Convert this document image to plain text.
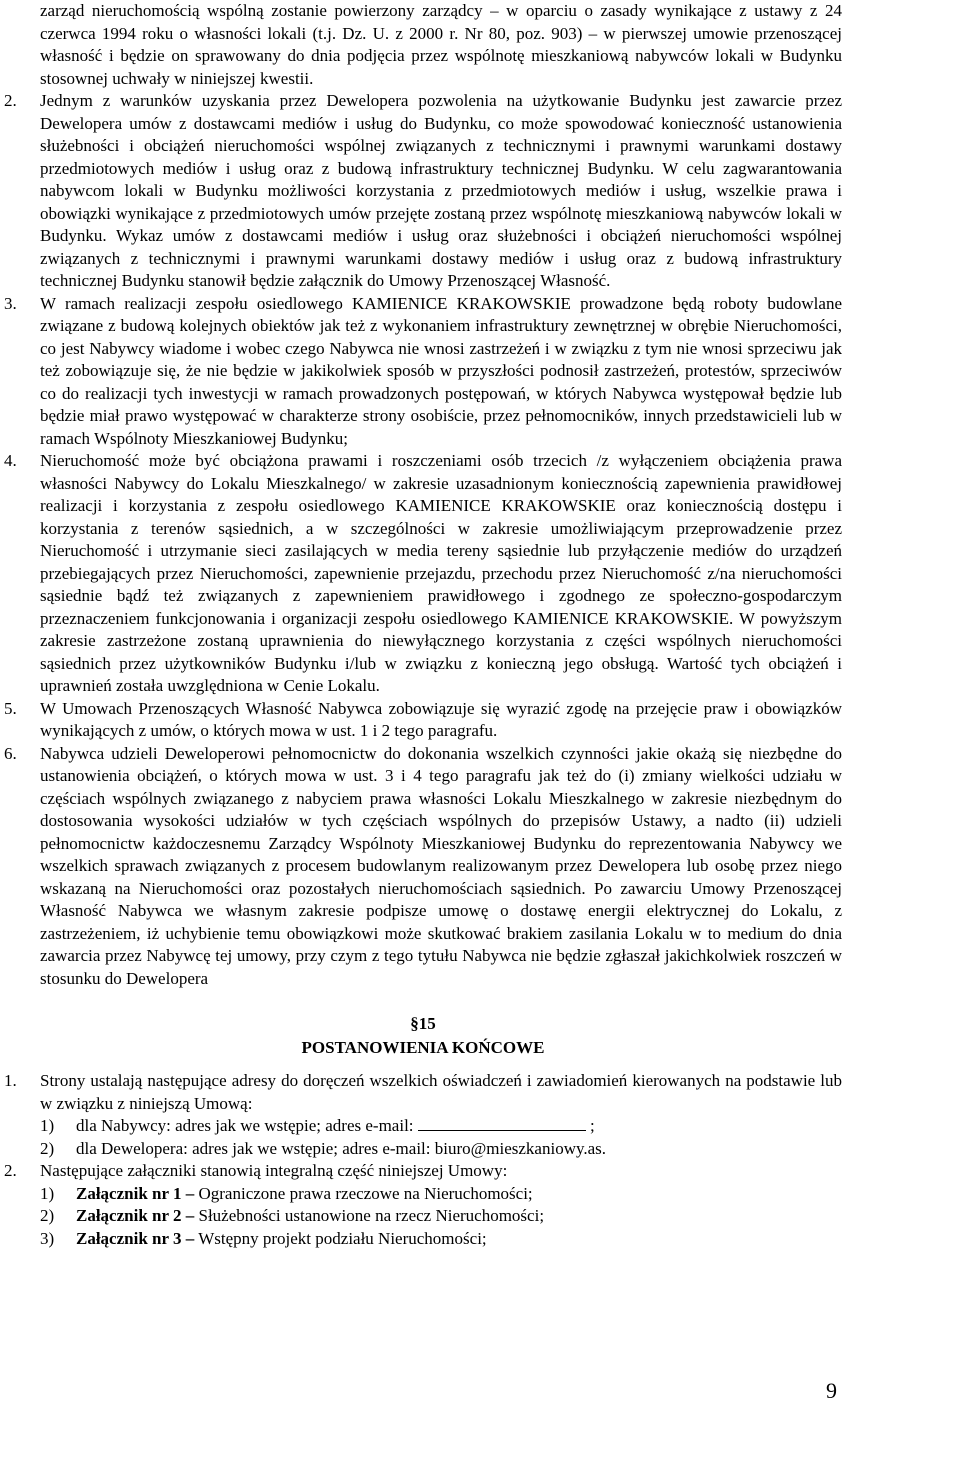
zarząd nieruchomością wspólną zostanie powierzony zarządcy – w oparciu o zasady wynikające z ustawy z 24 czerwca 1994 roku o własności lokali (t.j. Dz. U. z 2000 r. Nr 80, poz. 903) – w pierwszej umowie przenoszącej własność i będzie on sprawowany do dnia podjęcia przez wspólnotę mieszkaniową nabywców lokali w Budynku stosownej uchwały w niniejszej kwestii.

2.	Jednym z warunków uzyskania przez Dewelopera pozwolenia na użytkowanie Budynku jest zawarcie przez Dewelopera umów z dostawcami mediów i usług do Budynku, co może spowodować konieczność ustanowienia służebności i obciążeń nieruchomości wspólnej związanych z technicznymi i prawnymi warunkami dostawy przedmiotowych mediów i usług oraz z budową infrastruktury technicznej Budynku. W celu zagwarantowania nabywcom lokali w Budynku możliwości korzystania z przedmiotowych mediów i usług, wszelkie prawa i obowiązki wynikające z przedmiotowych umów przejęte zostaną przez wspólnotę mieszkaniową nabywców lokali w Budynku. Wykaz umów z dostawcami mediów i usług oraz służebności i obciążeń nieruchomości wspólnej związanych z technicznymi i prawnymi warunkami dostawy mediów i usług oraz z budową infrastruktury technicznej Budynku stanowił będzie załącznik do Umowy Przenoszącej Własność.
3.	W ramach realizacji zespołu osiedlowego KAMIENICE KRAKOWSKIE prowadzone będą roboty budowlane związane z budową kolejnych obiektów jak też z wykonaniem infrastruktury zewnętrznej w obrębie Nieruchomości, co jest Nabywcy wiadome i wobec czego Nabywca nie wnosi zastrzeżeń i w związku z tym nie wnosi sprzeciwu jak też zobowiązuje się, że nie będzie w jakikolwiek sposób w przyszłości podnosił zastrzeżeń, protestów, sprzeciwów co do realizacji tych inwestycji w ramach prowadzonych postępowań, w których Nabywca występował będzie lub będzie miał prawo występować w charakterze strony osobiście, przez pełnomocników, innych przedstawicieli lub w ramach Wspólnoty Mieszkaniowej Budynku;
4.	Nieruchomość może być obciążona prawami i roszczeniami osób trzecich /z wyłączeniem obciążenia prawa własności Nabywcy do Lokalu Mieszkalnego/ w zakresie uzasadnionym koniecznością zapewnienia prawidłowej realizacji i korzystania z zespołu osiedlowego KAMIENICE KRAKOWSKIE oraz koniecznością dostępu i korzystania z terenów sąsiednich, a w szczególności w zakresie umożliwiającym przeprowadzenie przez Nieruchomość i utrzymanie sieci zasilających w media tereny sąsiednie lub przyłączenie mediów do urządzeń przebiegających przez Nieruchomości, zapewnienie przejazdu, przechodu przez Nieruchomość z/na nieruchomości sąsiednie bądź też związanych z zapewnieniem prawidłowego i zgodnego ze społeczno-gospodarczym przeznaczeniem funkcjonowania i organizacji zespołu osiedlowego KAMIENICE KRAKOWSKIE. W powyższym zakresie zastrzeżone zostaną uprawnienia do niewyłącznego korzystania z części wspólnych nieruchomości sąsiednich przez użytkowników Budynku i/lub w związku z konieczną jego obsługą. Wartość tych obciążeń i uprawnień została uwzględniona w Cenie Lokalu.
5.	W Umowach Przenoszących Własność Nabywca zobowiązuje się wyrazić zgodę na przejęcie praw i obowiązków wynikających z umów, o których mowa w ust. 1 i 2 tego paragrafu.
6.	Nabywca udzieli Deweloperowi pełnomocnictw do dokonania wszelkich czynności jakie okażą się niezbędne do ustanowienia obciążeń, o których mowa w ust. 3 i 4 tego paragrafu jak też do (i) zmiany wielkości udziału w częściach wspólnych związanego z nabyciem prawa własności Lokalu Mieszkalnego w zakresie niezbędnym do dostosowania wysokości udziałów w tych częściach wspólnych do przepisów Ustawy, a nadto (ii) udzieli pełnomocnictw każdoczesnemu Zarządcy Wspólnoty Mieszkaniowej Budynku do reprezentowania Nabywcy we wszelkich sprawach związanych z procesem budowlanym realizowanym przez Dewelopera lub osobę przez niego wskazaną na Nieruchomości oraz pozostałych nieruchomościach sąsiednich. Po zawarciu Umowy Przenoszącej Własność Nabywca we własnym zakresie podpisze umowę o dostawę energii elektrycznej do Lokalu, z zastrzeżeniem, iż uchybienie temu obowiązkowi może skutkować brakiem zasilania Lokalu w to medium do dnia zawarcia przez Nabywcę tej umowy, przy czym z tego tytułu Nabywca nie będzie zgłaszał jakichkolwiek roszczeń w stosunku do Dewelopera
§15
POSTANOWIENIA KOŃCOWE
1.	Strony ustalają następujące adresy do doręczeń wszelkich oświadczeń i zawiadomień kierowanych na podstawie lub w związku z niniejszą Umową:
1)	dla Nabywcy: adres jak we wstępie; adres e-mail:	;
2)	dla Dewelopera: adres jak we wstępie; adres e-mail: biuro@mieszkaniowy.as.
2.	Następujące załączniki stanowią integralną część niniejszej Umowy:
1)	Załącznik nr 1 – Ograniczone prawa rzeczowe na Nieruchomości;
2)	Załącznik nr 2 – Służebności ustanowione na rzecz Nieruchomości;
3)	Załącznik nr 3 – Wstępny projekt podziału Nieruchomości;
9
